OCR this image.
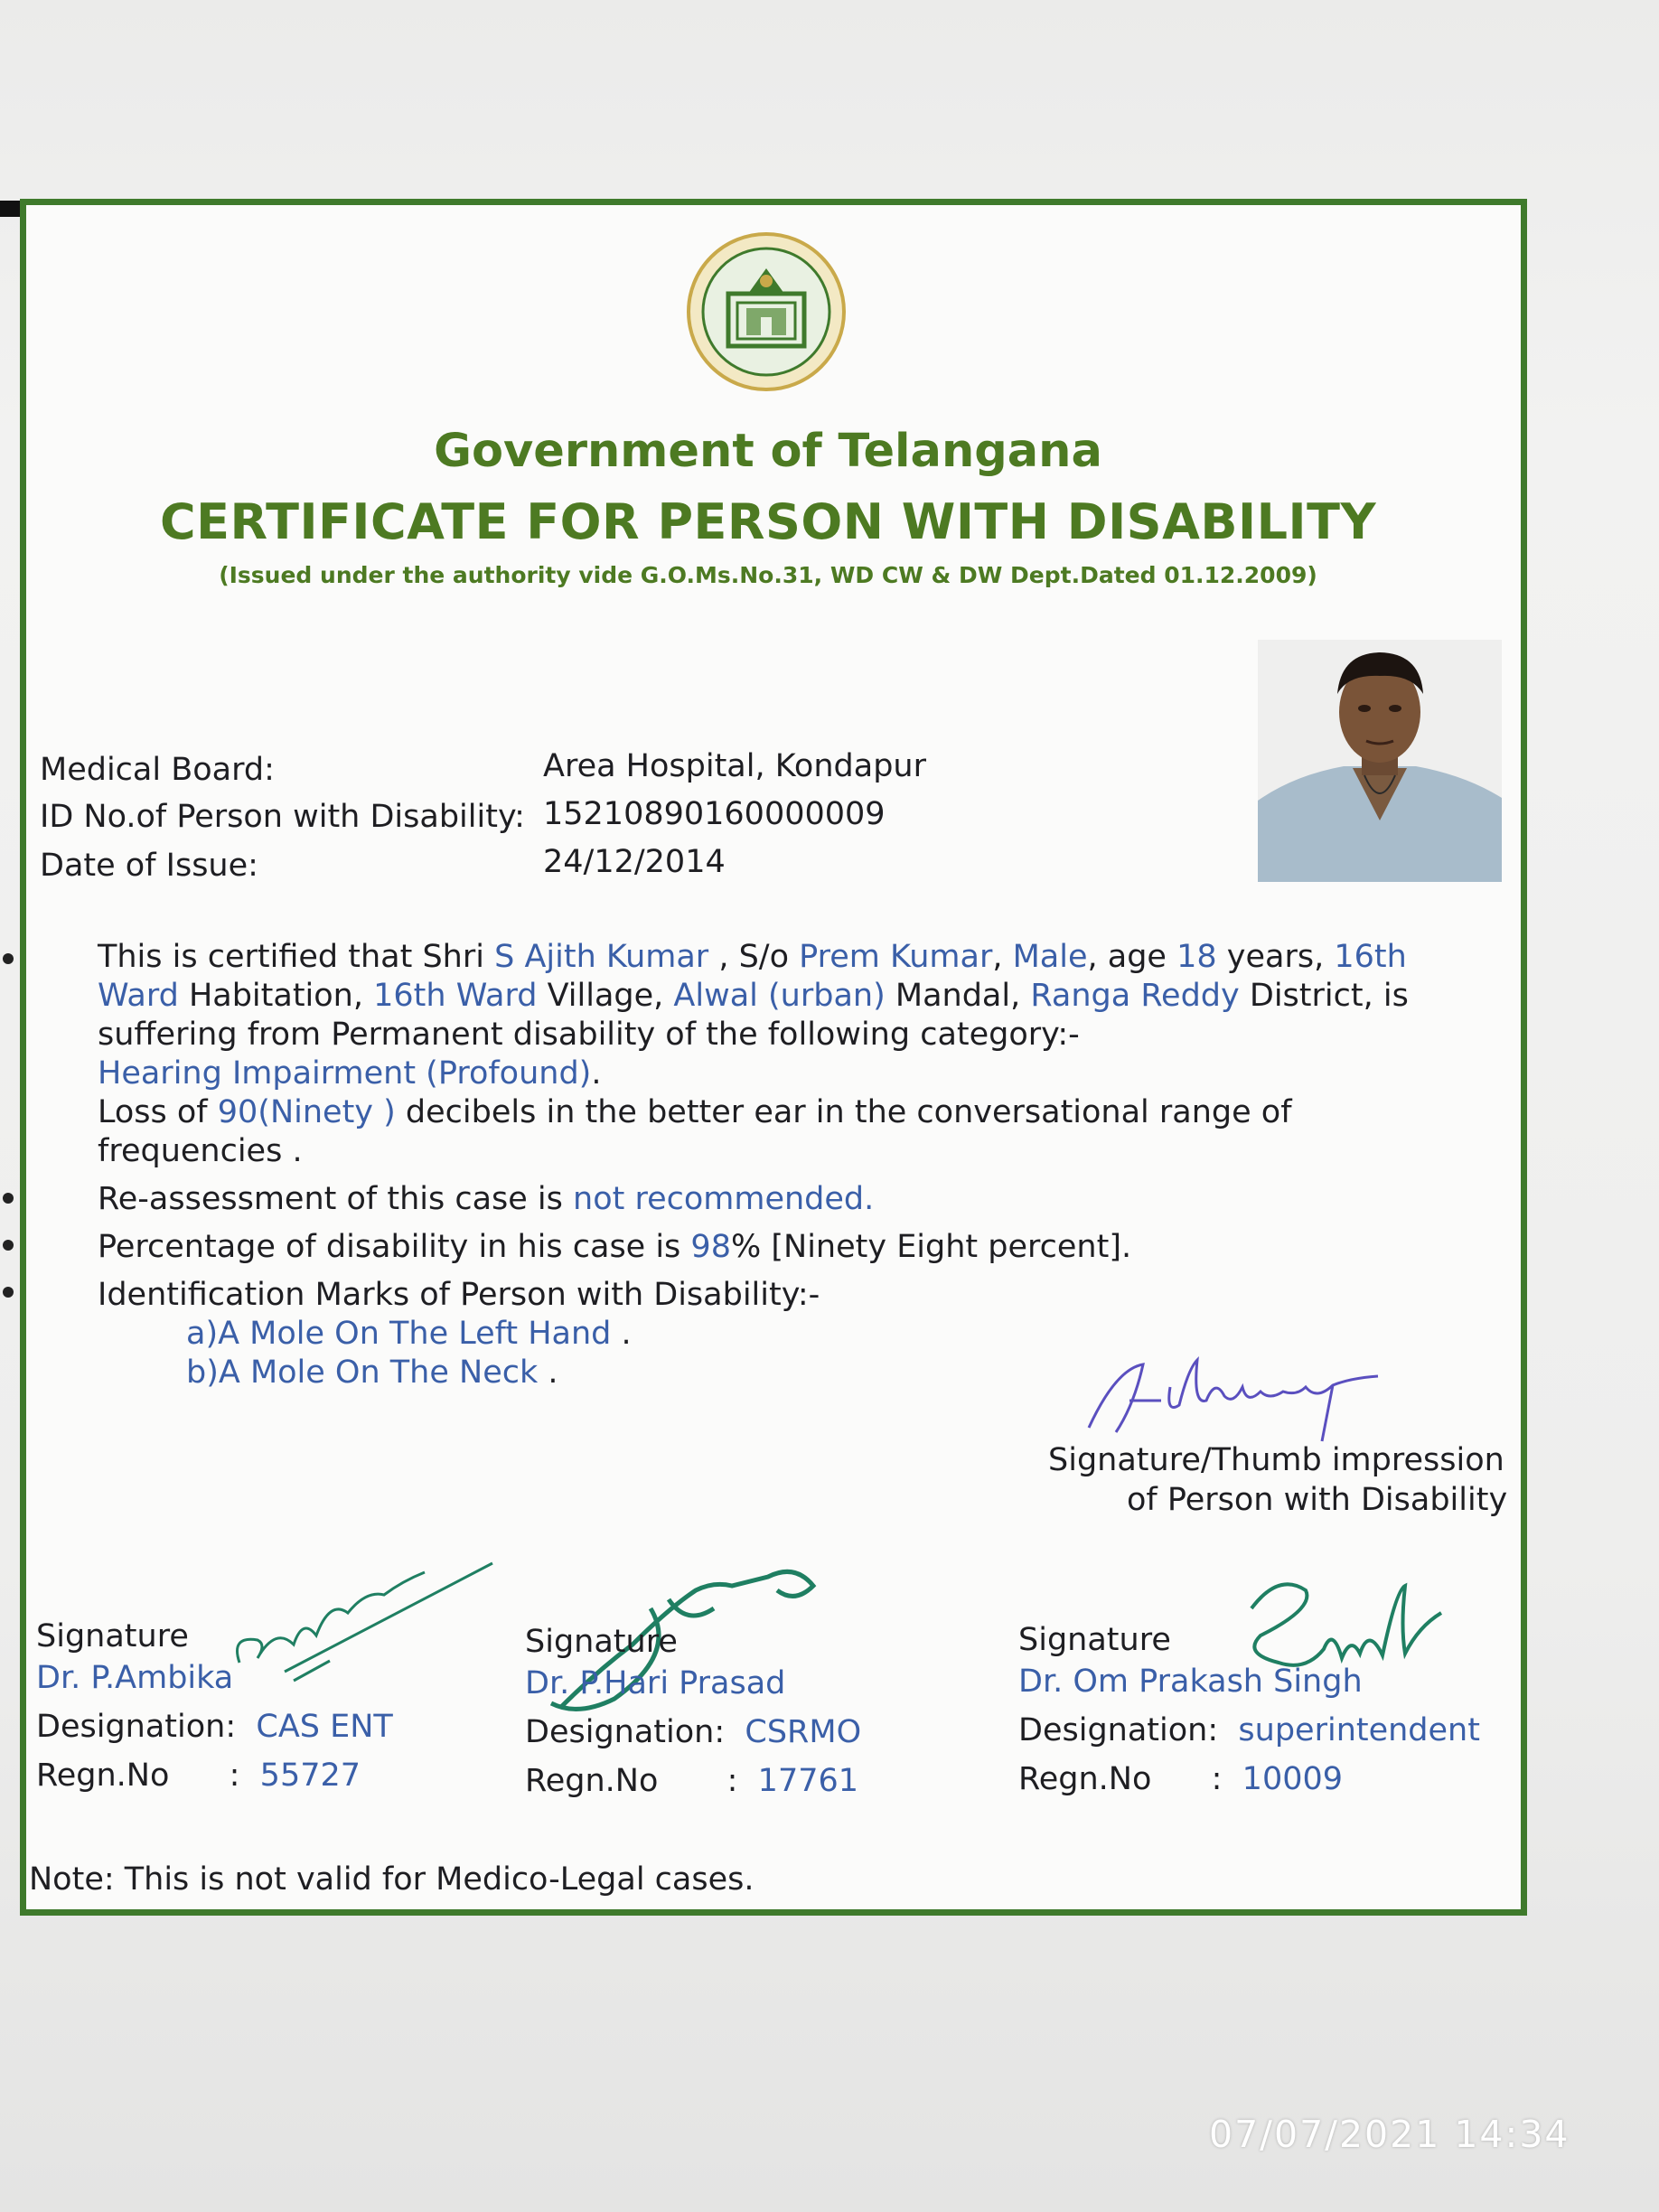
Government of Telangana
CERTIFICATE FOR PERSON WITH DISABILITY
(Issued under the authority vide G.O.Ms.No.31, WD CW & DW Dept.Dated 01.12.2009)
Medical Board:	Area Hospital, Kondapur
ID No.of Person with Disability: 15210890160000009
Date of Issue:	24/12/2014

This is certified that Shri S Ajith Kumar , S/o Prem Kumar, Male, age 18 years, 16th Ward Habitation, 16th Ward Village, Alwal (urban) Mandal, Ranga Reddy District, is suffering from Permanent disability of the following category:-

Hearing Impairment (Profound).

Loss of 90(Ninety ) decibels in the better ear in the conversational range of frequencies .

Re-assessment of this case is not recommended.

Percentage of disability in his case is 98% [Ninety Eight percent].

Identification Marks of Person with Disability:-

a)A Mole On The Left Hand .

b)A Mole On The Neck .

Signature/Thumb impression
of Person with Disability
Signature
Dr. P.Ambika
Designation: CAS ENT
Regn.No : 55727
Signature
Dr. P.Hari Prasad
Designation: CSRMO
Regn.No : 17761
Signature
Dr. Om Prakash Singh
Designation: superintendent
Regn.No : 10009
Note: This is not valid for Medico-Legal cases.
07/07/2021 14:34
